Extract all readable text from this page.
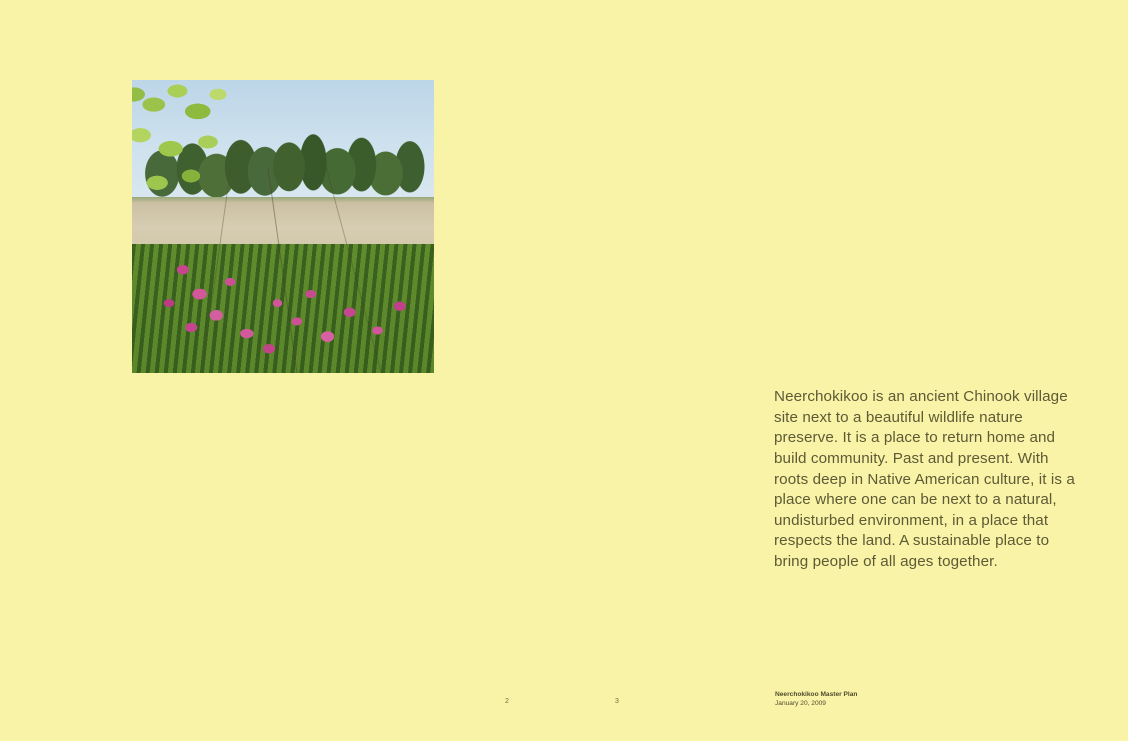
Neerchokikoo is an ancient Chinook village site next to a beautiful wildlife nature preserve. It is a place to return home and build community. Past and present. With roots deep in Native American culture, it is a place where one can be next to a natural, undisturbed environment, in a place that respects the land. A sustainable place to bring people of all ages together.

2	3
Neerchokikoo Master Plan
January 20, 2009
